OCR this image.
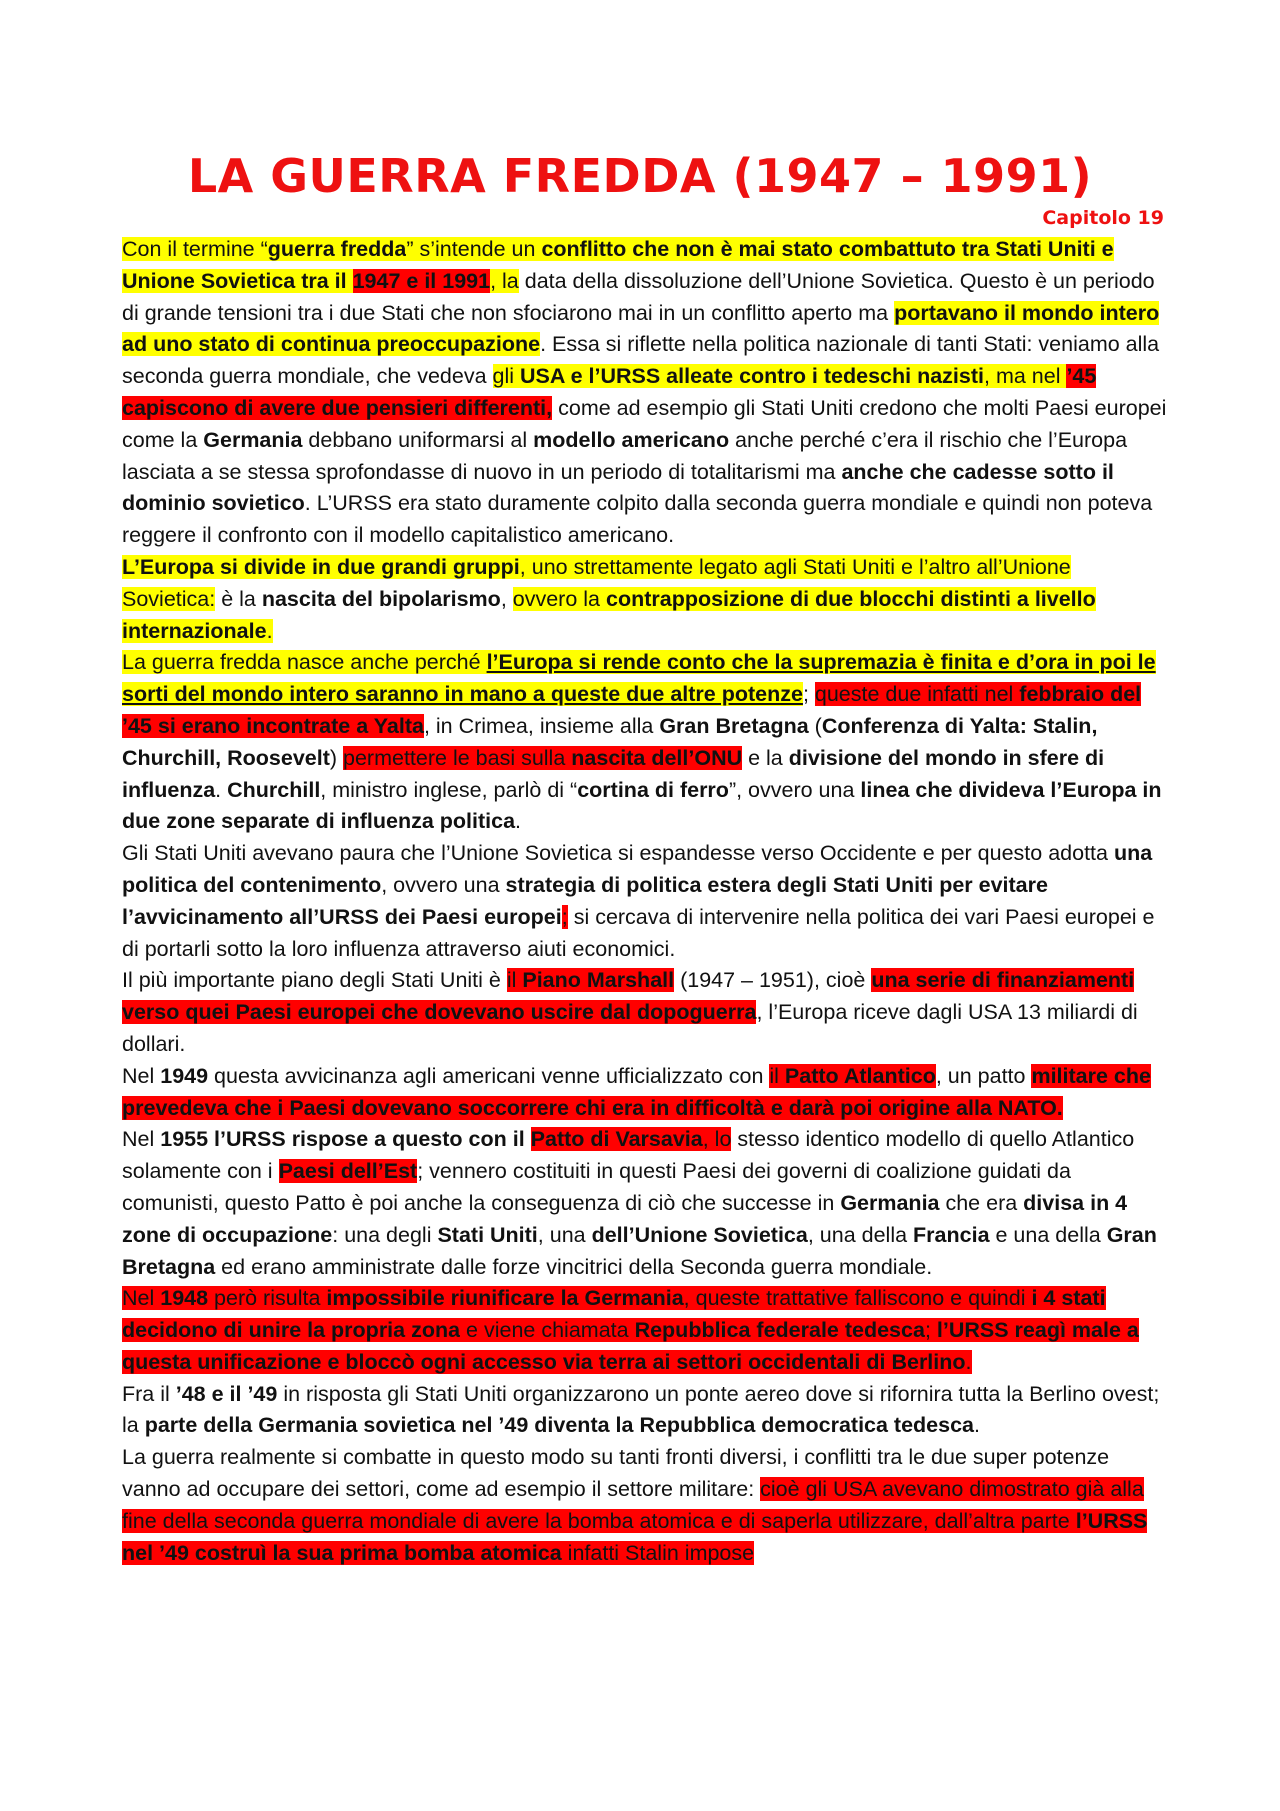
LA GUERRA FREDDA (1947 – 1991)
Capitolo 19

Con il termine “guerra fredda” s’intende un conflitto che non è mai stato combattuto tra Stati Uniti e Unione Sovietica tra il 1947 e il 1991, la data della dissoluzione dell’Unione Sovietica. Questo è un periodo di grande tensioni tra i due Stati che non sfociarono mai in un conflitto aperto ma portavano il mondo intero ad uno stato di continua preoccupazione. Essa si riflette nella politica nazionale di tanti Stati: veniamo alla seconda guerra mondiale, che vedeva gli USA e l’URSS alleate contro i tedeschi nazisti, ma nel ’45 capiscono di avere due pensieri differenti, come ad esempio gli Stati Uniti credono che molti Paesi europei come la Germania debbano uniformarsi al modello americano anche perché c’era il rischio che l’Europa lasciata a se stessa sprofondasse di nuovo in un periodo di totalitarismi ma anche che cadesse sotto il dominio sovietico. L’URSS era stato duramente colpito dalla seconda guerra mondiale e quindi non poteva reggere il confronto con il modello capitalistico americano.

L’Europa si divide in due grandi gruppi, uno strettamente legato agli Stati Uniti e l’altro all’Unione Sovietica: è la nascita del bipolarismo, ovvero la contrapposizione di due blocchi distinti a livello internazionale.

La guerra fredda nasce anche perché l’Europa si rende conto che la supremazia è finita e d’ora in poi le sorti del mondo intero saranno in mano a queste due altre potenze; queste due infatti nel febbraio del ’45 si erano incontrate a Yalta, in Crimea, insieme alla Gran Bretagna (Conferenza di Yalta: Stalin, Churchill, Roosevelt) permettere le basi sulla nascita dell’ONU e la divisione del mondo in sfere di influenza. Churchill, ministro inglese, parlò di “cortina di ferro”, ovvero una linea che divideva l’Europa in due zone separate di influenza politica.

Gli Stati Uniti avevano paura che l’Unione Sovietica si espandesse verso Occidente e per questo adotta una politica del contenimento, ovvero una strategia di politica estera degli Stati Uniti per evitare l’avvicinamento all’URSS dei Paesi europei; si cercava di intervenire nella politica dei vari Paesi europei e di portarli sotto la loro influenza attraverso aiuti economici.

Il più importante piano degli Stati Uniti è il Piano Marshall (1947 – 1951), cioè una serie di finanziamenti verso quei Paesi europei che dovevano uscire dal dopoguerra, l’Europa riceve dagli USA 13 miliardi di dollari.

Nel 1949 questa avvicinanza agli americani venne ufficializzato con il Patto Atlantico, un patto militare che prevedeva che i Paesi dovevano soccorrere chi era in difficoltà e darà poi origine alla NATO.

Nel 1955 l’URSS rispose a questo con il Patto di Varsavia, lo stesso identico modello di quello Atlantico solamente con i Paesi dell’Est; vennero costituiti in questi Paesi dei governi di coalizione guidati da comunisti, questo Patto è poi anche la conseguenza di ciò che successe in Germania che era divisa in 4 zone di occupazione: una degli Stati Uniti, una dell’Unione Sovietica, una della Francia e una della Gran Bretagna ed erano amministrate dalle forze vincitrici della Seconda guerra mondiale.

Nel 1948 però risulta impossibile riunificare la Germania, queste trattative falliscono e quindi i 4 stati decidono di unire la propria zona e viene chiamata Repubblica federale tedesca; l’URSS reagì male a questa unificazione e bloccò ogni accesso via terra ai settori occidentali di Berlino.

Fra il ’48 e il ’49 in risposta gli Stati Uniti organizzarono un ponte aereo dove si rifornira tutta la Berlino ovest; la parte della Germania sovietica nel ’49 diventa la Repubblica democratica tedesca.

La guerra realmente si combatte in questo modo su tanti fronti diversi, i conflitti tra le due super potenze vanno ad occupare dei settori, come ad esempio il settore militare: cioè gli USA avevano dimostrato già alla fine della seconda guerra mondiale di avere la bomba atomica e di saperla utilizzare, dall’altra parte l’URSS nel ’49 costruì la sua prima bomba atomica infatti Stalin impose
